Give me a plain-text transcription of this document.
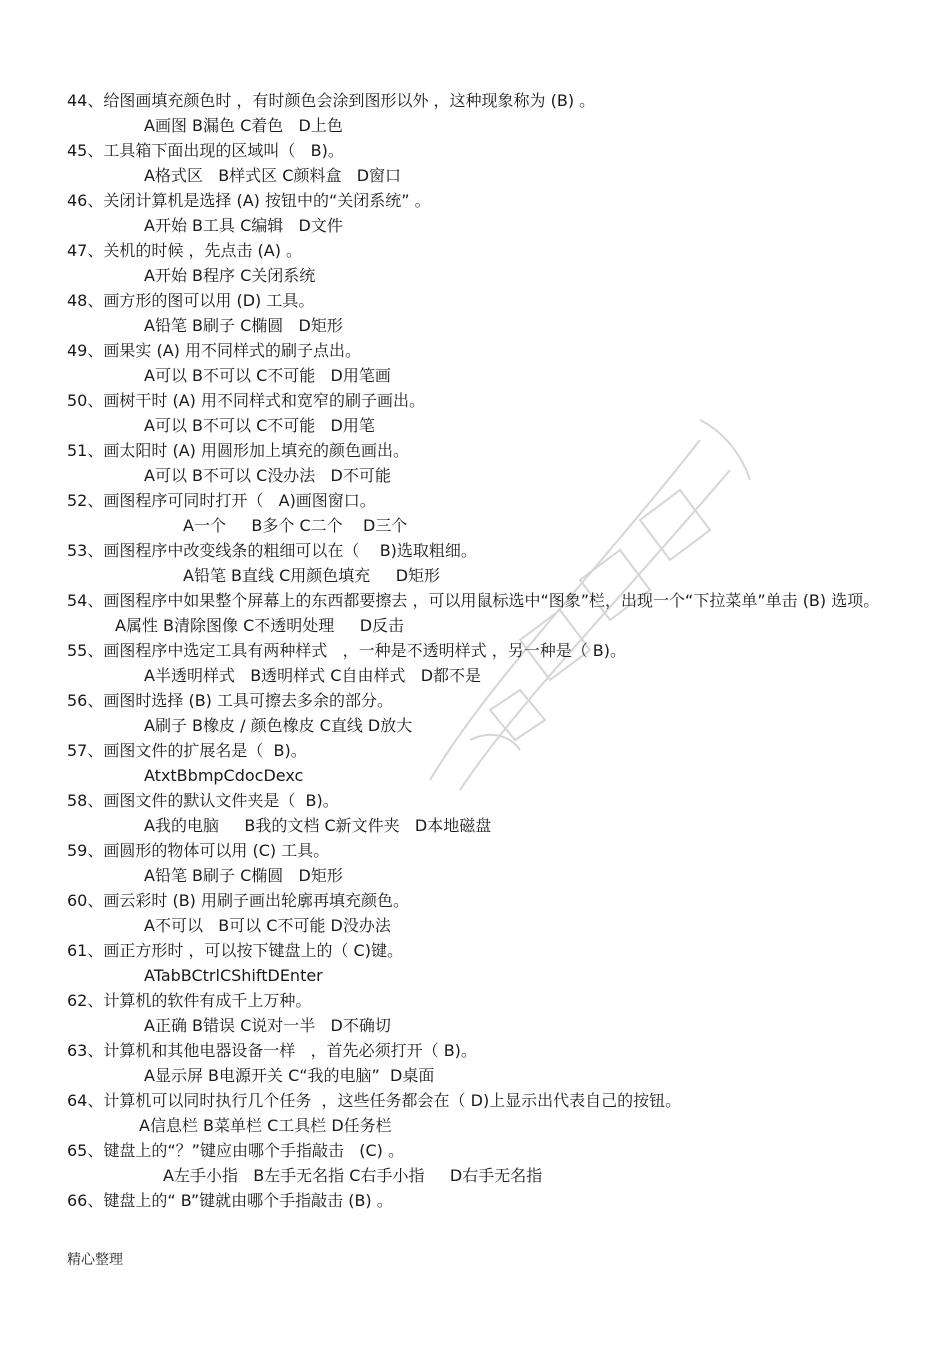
44、给图画填充颜色时 ，有时颜色会涂到图形以外 ，这种现象称为 (B) 。
A画图 B漏色 C着色   D上色
45、工具箱下面出现的区域叫（   B)。
A格式区   B样式区 C颜料盒   D窗口
46、关闭计算机是选择 (A) 按钮中的“关闭系统” 。
A开始 B工具 C编辑   D文件
47、关机的时候 ，先点击 (A) 。
A开始 B程序 C关闭系统
48、画方形的图可以用 (D) 工具。
A铅笔 B刷子 C椭圆   D矩形
49、画果实 (A) 用不同样式的刷子点出。
A可以 B不可以 C不可能   D用笔画
50、画树干时 (A) 用不同样式和宽窄的刷子画出。
A可以 B不可以 C不可能   D用笔
51、画太阳时 (A) 用圆形加上填充的颜色画出。
A可以 B不可以 C没办法   D不可能
52、画图程序可同时打开（   A)画图窗口。
A一个     B多个 C二个    D三个
53、画图程序中改变线条的粗细可以在（    B)选取粗细。
A铅笔 B直线 C用颜色填充     D矩形
54、画图程序中如果整个屏幕上的东西都要擦去 ，可以用鼠标选中“图象”栏，出现一个“下拉菜单”单击 (B) 选项。
A属性 B清除图像 C不透明处理     D反击
55、画图程序中选定工具有两种样式   ，一种是不透明样式 ，另一种是（ B)。
A半透明样式   B透明样式 C自由样式   D都不是
56、画图时选择 (B) 工具可擦去多余的部分。
A刷子 B橡皮 / 颜色橡皮 C直线 D放大
57、画图文件的扩展名是（  B)。
AtxtBbmpCdocDexc
58、画图文件的默认文件夹是（  B)。
A我的电脑     B我的文档 C新文件夹   D本地磁盘
59、画圆形的物体可以用 (C) 工具。
A铅笔 B刷子 C椭圆   D矩形
60、画云彩时 (B) 用刷子画出轮廓再填充颜色。
A不可以   B可以 C不可能 D没办法
61、画正方形时 ，可以按下键盘上的（ C)键。
ATabBCtrlCShiftDEnter
62、计算机的软件有成千上万种。
A正确 B错误 C说对一半   D不确切
63、计算机和其他电器设备一样   ，首先必须打开（ B)。
A显示屏 B电源开关 C“我的电脑”  D桌面
64、计算机可以同时执行几个任务  ，这些任务都会在（ D)上显示出代表自己的按钮。
A信息栏 B菜单栏 C工具栏 D任务栏
65、键盘上的“？”键应由哪个手指敲击   (C) 。
A左手小指   B左手无名指 C右手小指     D右手无名指
66、键盘上的“ B”键就由哪个手指敲击 (B) 。
精心整理
